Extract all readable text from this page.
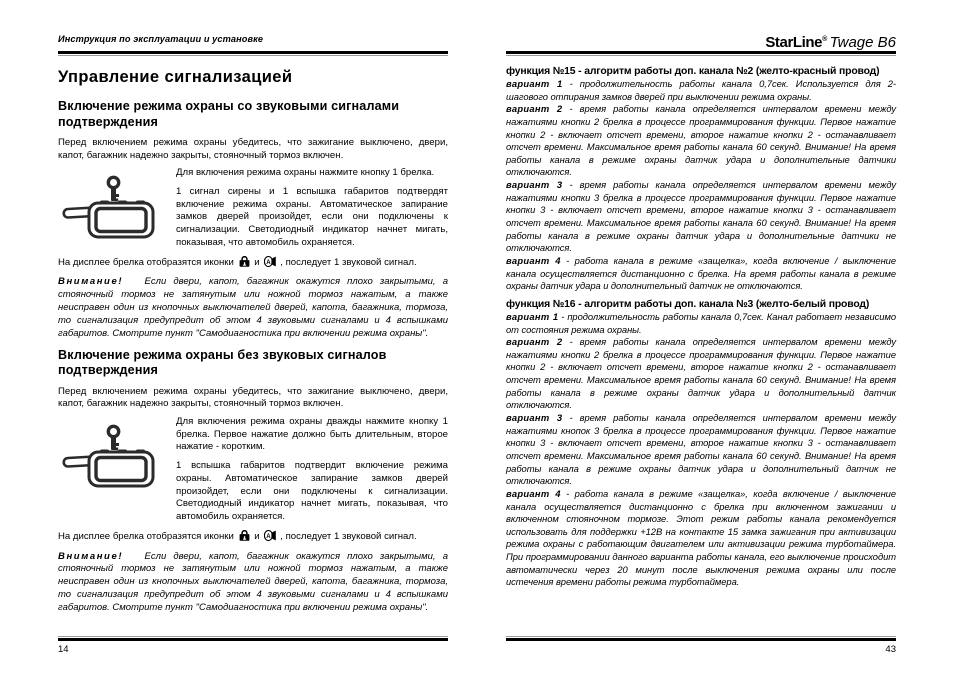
Инструкция по эксплуатации и установке
Управление сигнализацией
Включение режима охраны со звуковыми сигналами подтверждения

Перед включением режима охраны убедитесь, что зажигание выключено, двери, капот, багажник надежно закрыты, стояночный тормоз включен.

Для включения режима охраны нажмите кнопку 1 брелка.

1 сигнал сирены и 1 вспышка габаритов подтвердят включение режима охраны. Автоматическое запирание замков дверей произойдет, если они подключены к сигнализации. Светодиодный индикатор начнет мигать, показывая, что автомобиль охраняется.

На дисплее брелка отобразятся иконки и A , последует 1 звуковой сигнал.

Внимание! Если двери, капот, багажник окажутся плохо закрытыми, а стояночный тормоз не затянутым или ножной тормоз нажатым, а также неисправен один из кнопочных выключателей дверей, капота, багажника, тормоза, то сигнализация предупредит об этом 4 звуковыми сигналами и 4 вспышками габаритов. Смотрите пункт "Самодиагностика при включении режима охраны".

Включение режима охраны без звуковых сигналов подтверждения

Перед включением режима охраны убедитесь, что зажигание выключено, двери, капот, багажник надежно закрыты, стояночный тормоз включен.

Для включения режима охраны дважды нажмите кнопку 1 брелка. Первое нажатие должно быть длительным, второе нажатие - коротким.

1 вспышка габаритов подтвердит включение режима охраны. Автоматическое запирание замков дверей произойдет, если они подключены к сигнализации. Светодиодный индикатор начнет мигать, показывая, что автомобиль охраняется.

На дисплее брелка отобразятся иконки и A , последует 1 звуковой сигнал.

Внимание! Если двери, капот, багажник окажутся плохо закрытыми, а стояночный тормоз не затянутым или ножной тормоз нажатым, а также неисправен один из кнопочных выключателей дверей, капота, багажника, тормоза, то сигнализация предупредит об этом 4 звуковыми сигналами и 4 вспышками габаритов. Смотрите пункт "Самодиагностика при включении режима охраны".

StarLine® Twage B6
функция №15 - алгоритм работы доп. канала №2 (желто-красный провод)

вариант 1 - продолжительность работы канала 0,7сек. Используется для 2-шагового отпирания замков дверей при выключении режима охраны.

вариант 2 - время работы канала определяется интервалом времени между нажатиями кнопки 2 брелка в процессе программирования функции. Первое нажатие кнопки 2 - включает отсчет времени, второе нажатие кнопки 2 - останавливает отсчет времени. Максимальное время работы канала 60 секунд. Внимание! На время работы канала в режиме охраны датчик удара и дополнительные датчики отключаются.

вариант 3 - время работы канала определяется интервалом времени между нажатиями кнопки 3 брелка в процессе программирования функции. Первое нажатие кнопки 3 - включает отсчет времени, второе нажатие кнопки 3 - останавливает отсчет времени. Максимальное время работы канала 60 секунд. Внимание! На время работы канала в режиме охраны датчик удара и дополнительные датчики не отключаются.

вариант 4 - работа канала в режиме «защелка», когда включение / выключение канала осуществляется дистанционно с брелка. На время работы канала в режиме охраны датчик удара и дополнительный датчик не отключаются.

функция №16 - алгоритм работы доп. канала №3 (желто-белый провод)

вариант 1 - продолжительность работы канала 0,7сек. Канал работает независимо от состояния режима охраны.

вариант 2 - время работы канала определяется интервалом времени между нажатиями кнопки 2 брелка в процессе программирования функции. Первое нажатие кнопки 2 - включает отсчет времени, второе нажатие кнопки 2 - останавливает отсчет времени. Максимальное время работы канала 60 секунд. Внимание! На время работы канала в режиме охраны датчик удара и дополнительный датчик отключаются.

вариант 3 - время работы канала определяется интервалом времени между нажатиями кнопок 3 брелка в процессе программирования функции. Первое нажатие кнопки 3 - включает отсчет времени, второе нажатие кнопки 3 - останавливает отсчет времени. Максимальное время работы канала 60 секунд. Внимание! На время работы канала в режиме охраны датчик удара и дополнительный датчик не отключаются.

вариант 4 - работа канала в режиме «защелка», когда включение / выключение канала осуществляется дистанционно с брелка при включенном зажигании и включенном стояночном тормозе. Этот режим работы канала рекомендуется использовать для поддержки +12В на контакте 15 замка зажигания при активизации режима охраны с работающим двигателем или активизации режима турботаймера. При программировании данного варианта работы канала, его выключение происходит автоматически через 20 минут после выключения режима охраны или после истечения времени работы режима турботаймера.

14	43
